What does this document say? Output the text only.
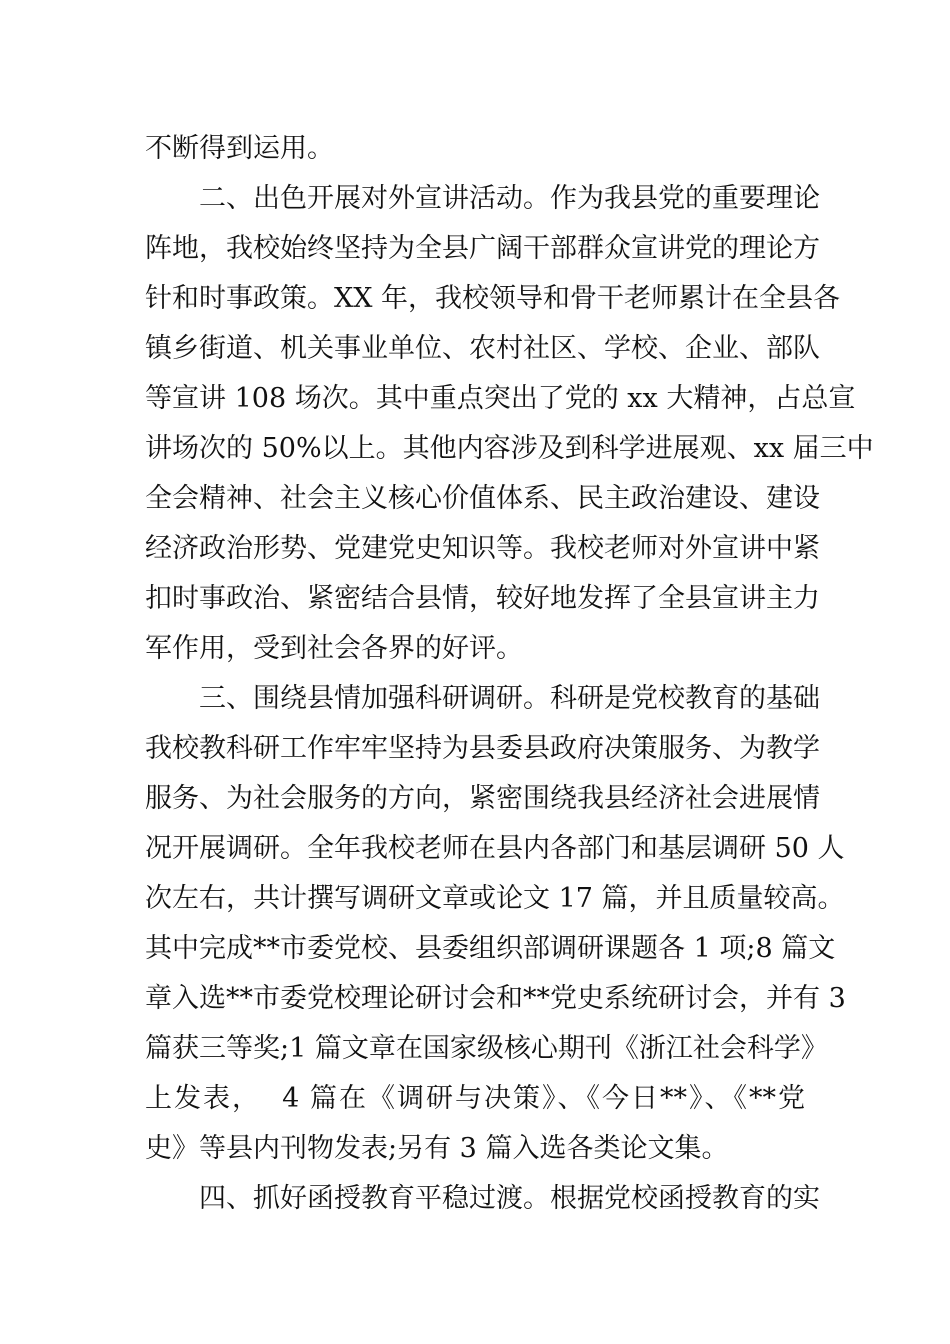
不断得到运用。
二、出色开展对外宣讲活动。作为我县党的重要理论
阵地，我校始终坚持为全县广阔干部群众宣讲党的理论方
针和时事政策。XX 年，我校领导和骨干老师累计在全县各
镇乡街道、机关事业单位、农村社区、学校、企业、部队
等宣讲 108 场次。其中重点突出了党的 xx 大精神，占总宣
讲场次的 50%以上。其他内容涉及到科学进展观、xx 届三中
全会精神、社会主义核心价值体系、民主政治建设、建设
经济政治形势、党建党史知识等。我校老师对外宣讲中紧
扣时事政治、紧密结合县情，较好地发挥了全县宣讲主力
军作用，受到社会各界的好评。
三、围绕县情加强科研调研。科研是党校教育的基础
我校教科研工作牢牢坚持为县委县政府决策服务、为教学
服务、为社会服务的方向，紧密围绕我县经济社会进展情
况开展调研。全年我校老师在县内各部门和基层调研 50 人
次左右，共计撰写调研文章或论文 17 篇，并且质量较高。
其中完成**市委党校、县委组织部调研课题各 1 项;8 篇文
章入选**市委党校理论研讨会和**党史系统研讨会，并有 3
篇获三等奖;1 篇文章在国家级核心期刊《浙江社会科学》
上发表，  4 篇在《调研与决策》、《今日**》、《**党
史》等县内刊物发表;另有 3 篇入选各类论文集。
四、抓好函授教育平稳过渡。根据党校函授教育的实
